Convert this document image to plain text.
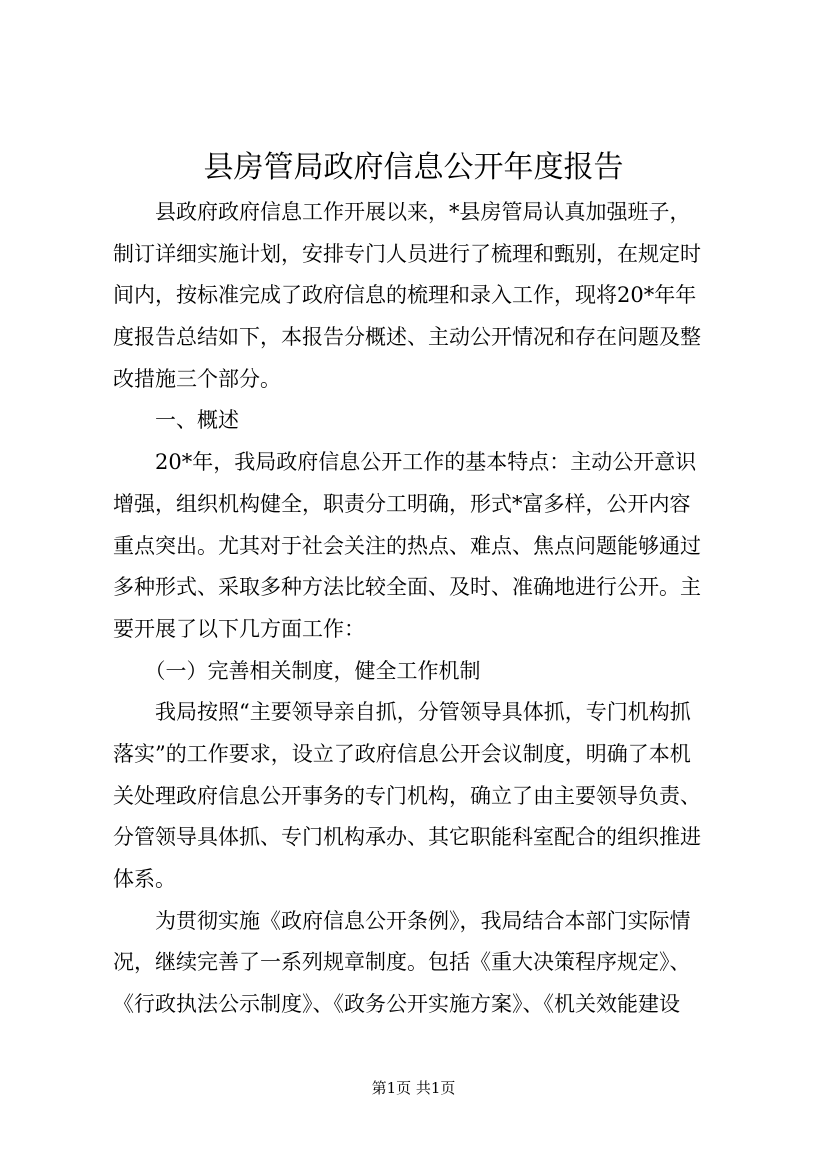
县房管局政府信息公开年度报告
　　县政府政府信息工作开展以来，*县房管局认真加强班子，
制订详细实施计划，安排专门人员进行了梳理和甄别，在规定时
间内，按标准完成了政府信息的梳理和录入工作，现将20*年年
度报告总结如下，本报告分概述、主动公开情况和存在问题及整
改措施三个部分。
　　一、概述
　　20*年，我局政府信息公开工作的基本特点：主动公开意识
增强，组织机构健全，职责分工明确，形式*富多样，公开内容
重点突出。尤其对于社会关注的热点、难点、焦点问题能够通过
多种形式、采取多种方法比较全面、及时、准确地进行公开。主
要开展了以下几方面工作：
　　（一）完善相关制度，健全工作机制
　　我局按照“主要领导亲自抓，分管领导具体抓，专门机构抓
落实”的工作要求，设立了政府信息公开会议制度，明确了本机
关处理政府信息公开事务的专门机构，确立了由主要领导负责、
分管领导具体抓、专门机构承办、其它职能科室配合的组织推进
体系。
　　为贯彻实施《政府信息公开条例》，我局结合本部门实际情
况，继续完善了一系列规章制度。包括《重大决策程序规定》、
《行政执法公示制度》、《政务公开实施方案》、《机关效能建设
第1页 共1页
